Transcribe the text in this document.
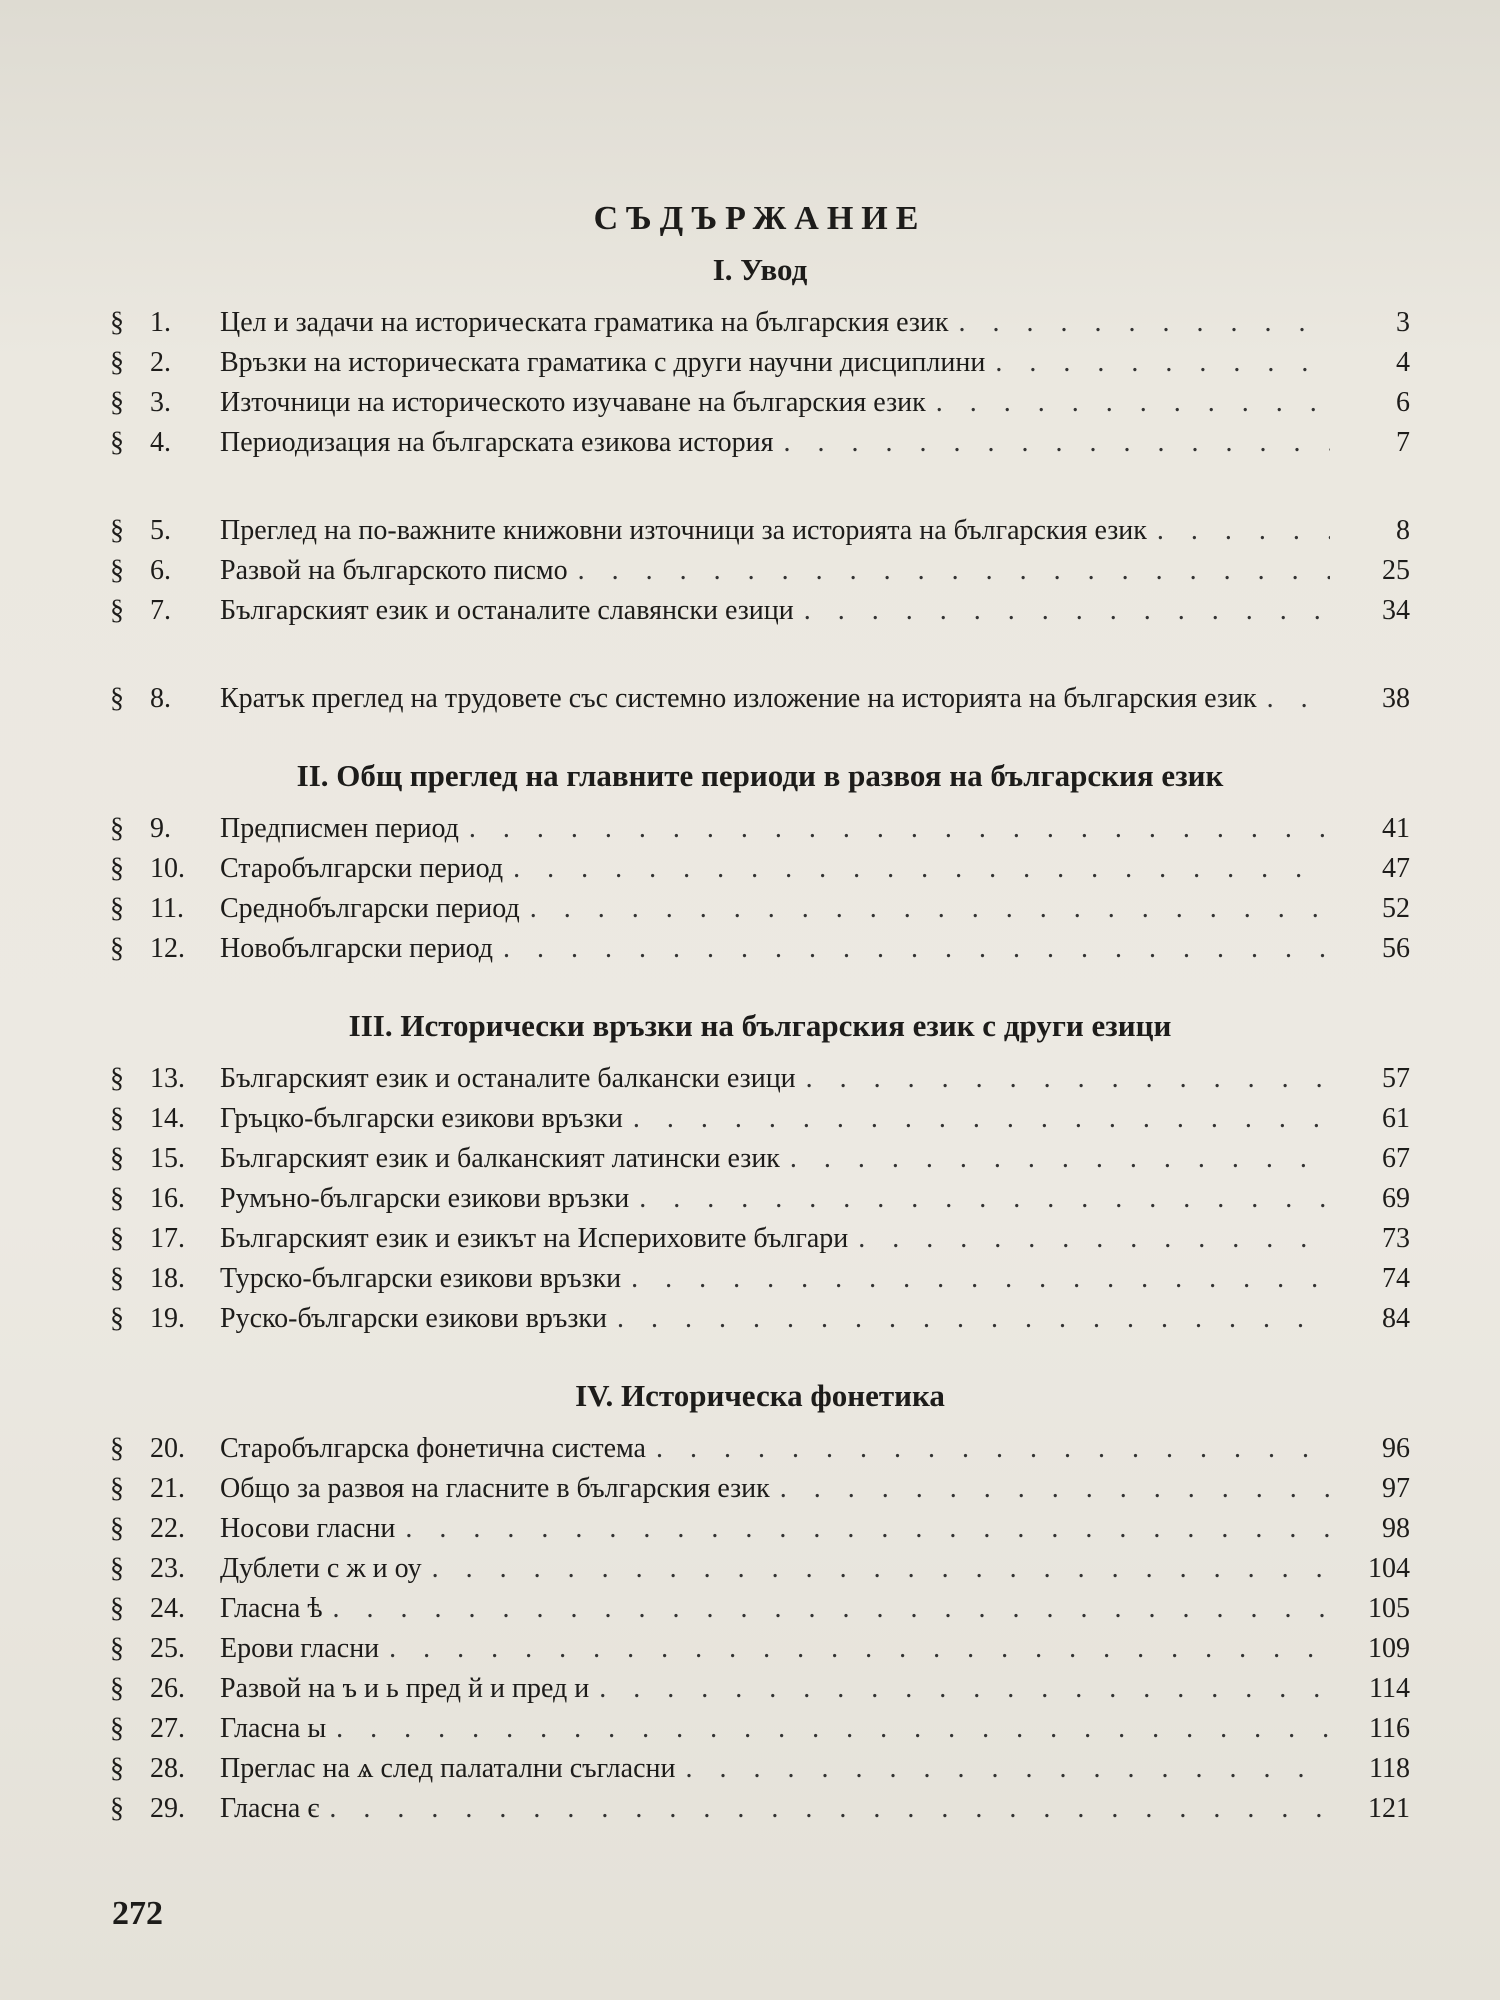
СЪДЪРЖАНИЕ
I. Увод
§ 1.	Цел и задачи на историческата граматика на българския език . . .	3
§ 2.	Връзки на историческата граматика с други научни дисциплини . . .	4
§ 3.	Източници на историческото изучаване на българския език . . .	6
§ 4.	Периодизация на българската езикова история . . .	7
§ 5.	Преглед на по-важните книжовни източници за историята на българския език . . .	8
§ 6.	Развой на българското писмо . . .	25
§ 7.	Българският език и останалите славянски езици . . .	34
§ 8.	Кратък преглед на трудовете със системно изложение на историята на българския език . . .	38
II. Общ преглед на главните периоди в развоя на българския език
§ 9.	Предписмен период . . .	41
§ 10.	Старобългарски период . . .	47
§ 11.	Среднобългарски период . . .	52
§ 12.	Новобългарски период . . .	56
III. Исторически връзки на българския език с други езици
§ 13.	Българският език и останалите балкански езици . . .	57
§ 14.	Гръцко-български езикови връзки . . .	61
§ 15.	Българският език и балканският латински език . . .	67
§ 16.	Румъно-български езикови връзки . . .	69
§ 17.	Българският език и езикът на Испериховите българи . . .	73
§ 18.	Турско-български езикови връзки . . .	74
§ 19.	Руско-български езикови връзки . . .	84
IV. Историческа фонетика
§ 20.	Старобългарска фонетична система . . .	96
§ 21.	Общо за развоя на гласните в българския език . . .	97
§ 22.	Носови гласни . . .	98
§ 23.	Дублети с ж и оу . . .	104
§ 24.	Гласна ѣ . . .	105
§ 25.	Ерови гласни . . .	109
§ 26.	Развой на ъ и ь пред й и пред и . . .	114
§ 27.	Гласна ы . . .	116
§ 28.	Преглас на ѧ след палатални съгласни . . .	118
§ 29.	Гласна є . . .	121
272
